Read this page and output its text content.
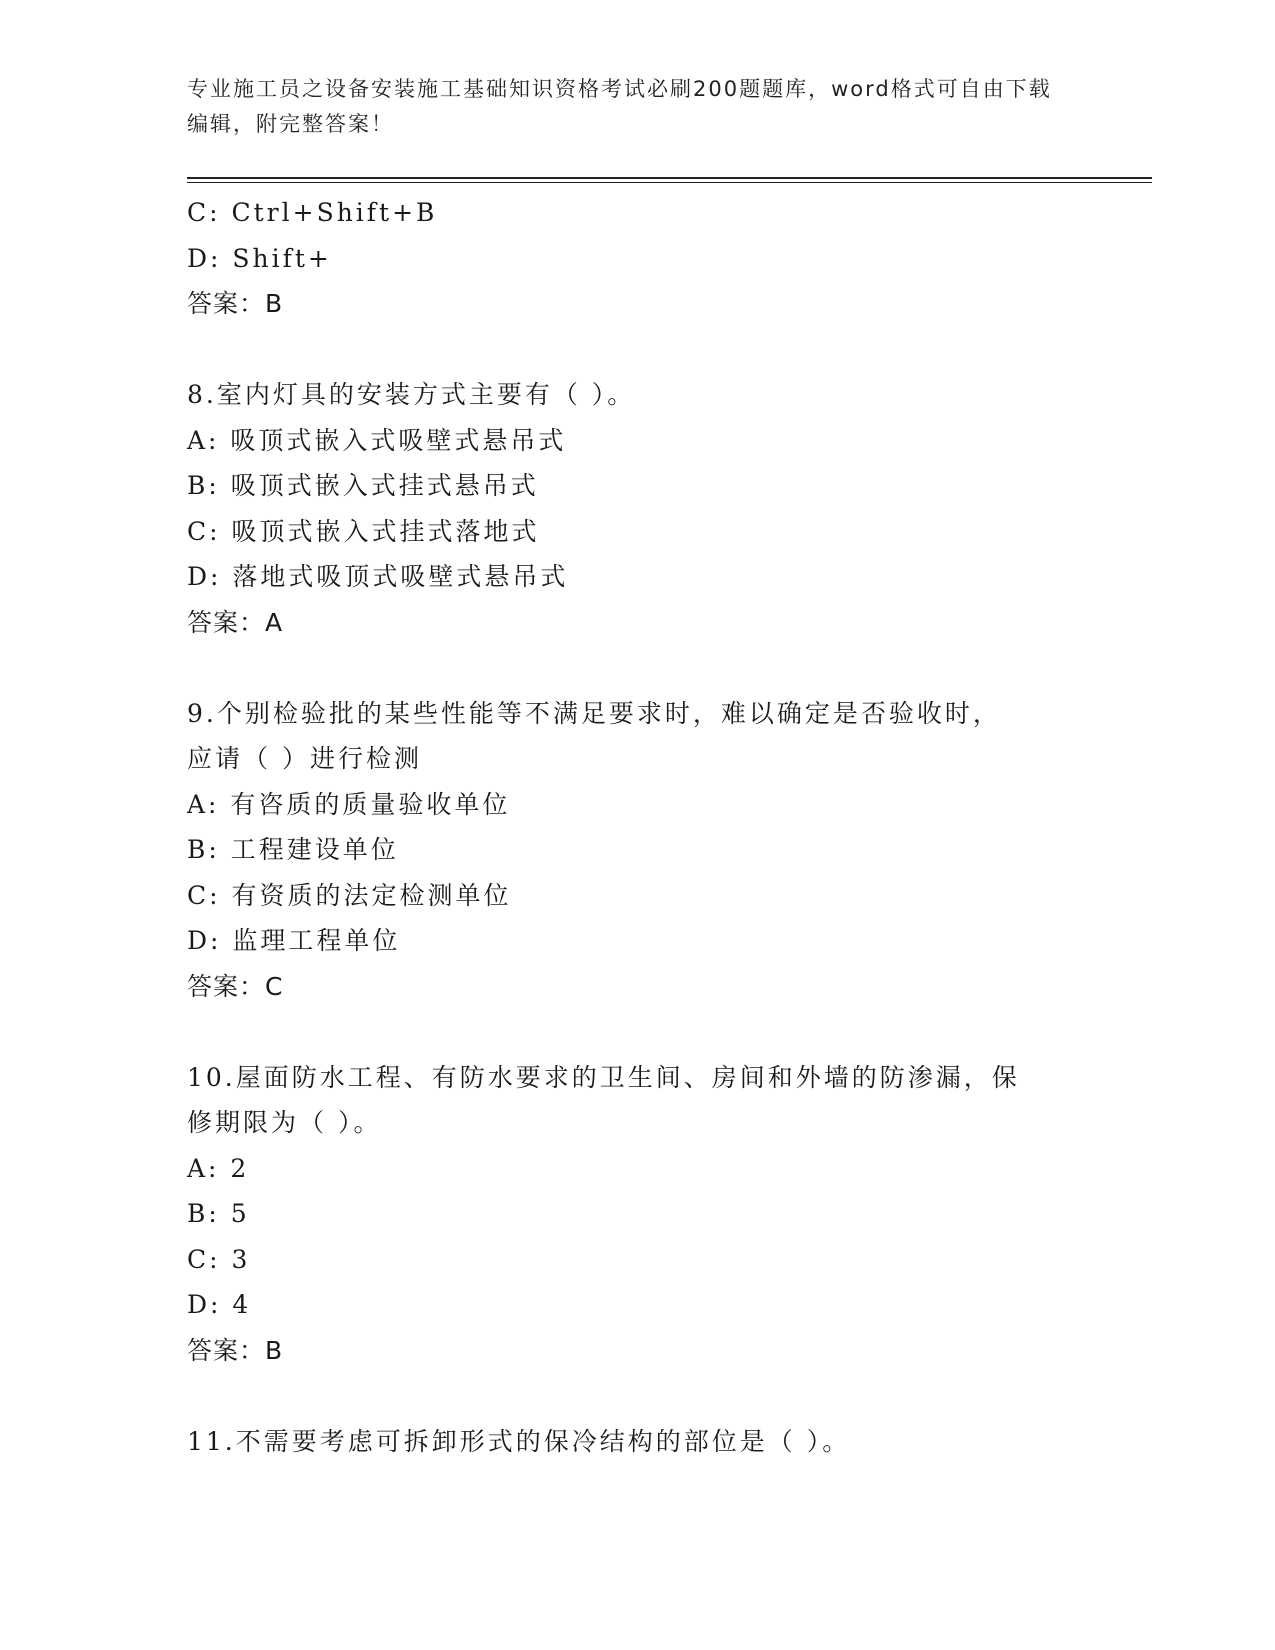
专业施工员之设备安装施工基础知识资格考试必刷200题题库，word格式可自由下载编辑，附完整答案！
C: Ctrl+Shift+B
D: Shift+
答案：B
8.室内灯具的安装方式主要有（ ）。
A: 吸顶式嵌入式吸壁式悬吊式
B: 吸顶式嵌入式挂式悬吊式
C: 吸顶式嵌入式挂式落地式
D: 落地式吸顶式吸壁式悬吊式
答案：A
9.个别检验批的某些性能等不满足要求时，难以确定是否验收时，应请（ ）进行检测
A: 有咨质的质量验收单位
B: 工程建设单位
C: 有资质的法定检测单位
D: 监理工程单位
答案：C
10.屋面防水工程、有防水要求的卫生间、房间和外墙的防渗漏，保修期限为（ ）。
A: 2
B: 5
C: 3
D: 4
答案：B
11.不需要考虑可拆卸形式的保冷结构的部位是（ ）。
